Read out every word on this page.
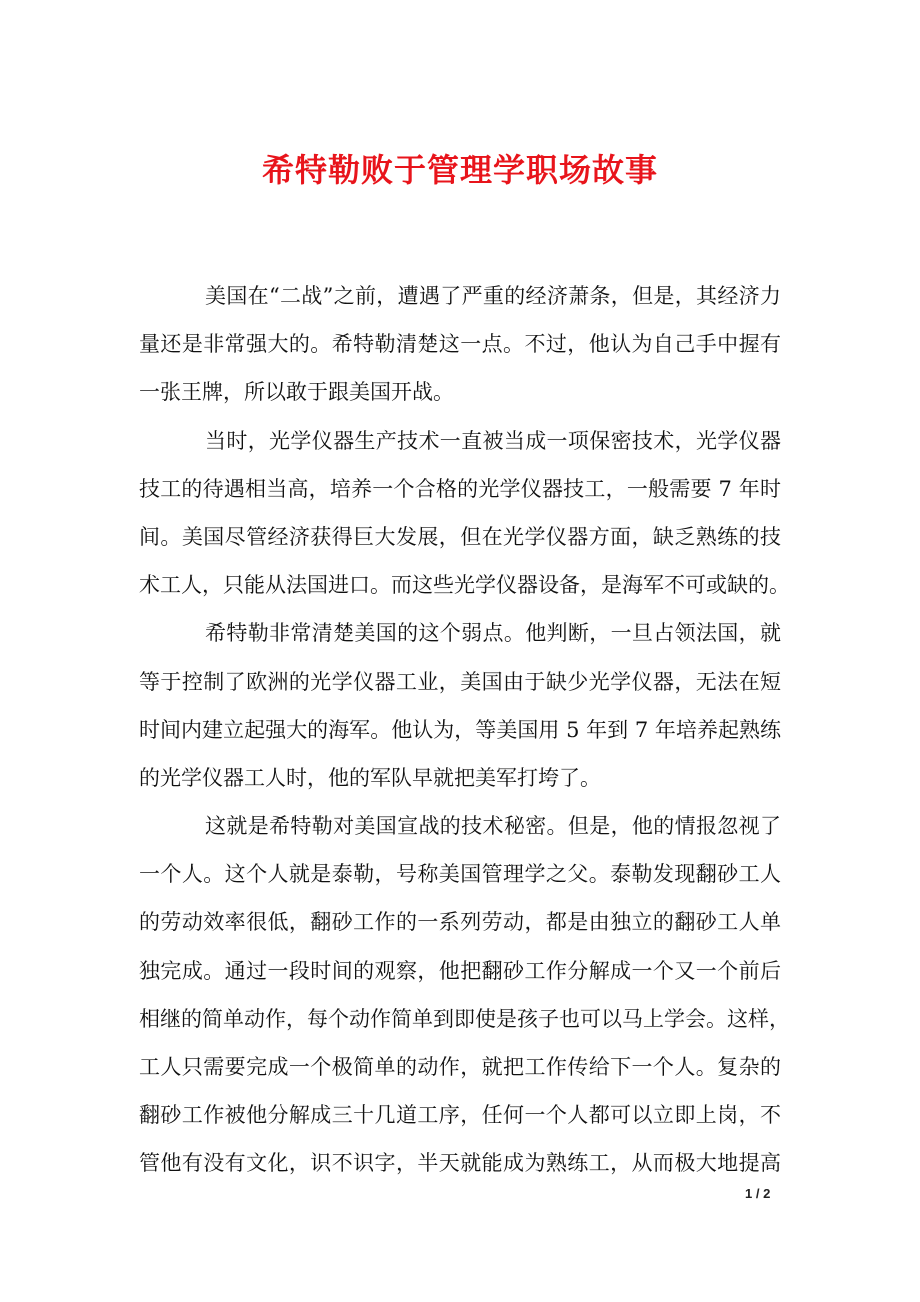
希特勒败于管理学职场故事
美国在“二战”之前，遭遇了严重的经济萧条，但是，其经济力
量还是非常强大的。希特勒清楚这一点。不过，他认为自己手中握有
一张王牌，所以敢于跟美国开战。
当时，光学仪器生产技术一直被当成一项保密技术，光学仪器
技工的待遇相当高，培养一个合格的光学仪器技工，一般需要 7 年时
间。美国尽管经济获得巨大发展，但在光学仪器方面，缺乏熟练的技
术工人，只能从法国进口。而这些光学仪器设备，是海军不可或缺的。
希特勒非常清楚美国的这个弱点。他判断，一旦占领法国，就
等于控制了欧洲的光学仪器工业，美国由于缺少光学仪器，无法在短
时间内建立起强大的海军。他认为，等美国用 5 年到 7 年培养起熟练
的光学仪器工人时，他的军队早就把美军打垮了。
这就是希特勒对美国宣战的技术秘密。但是，他的情报忽视了
一个人。这个人就是泰勒，号称美国管理学之父。泰勒发现翻砂工人
的劳动效率很低，翻砂工作的一系列劳动，都是由独立的翻砂工人单
独完成。通过一段时间的观察，他把翻砂工作分解成一个又一个前后
相继的简单动作，每个动作简单到即使是孩子也可以马上学会。这样，
工人只需要完成一个极简单的动作，就把工作传给下一个人。复杂的
翻砂工作被他分解成三十几道工序，任何一个人都可以立即上岗，不
管他有没有文化，识不识字，半天就能成为熟练工，从而极大地提高
1 / 2
